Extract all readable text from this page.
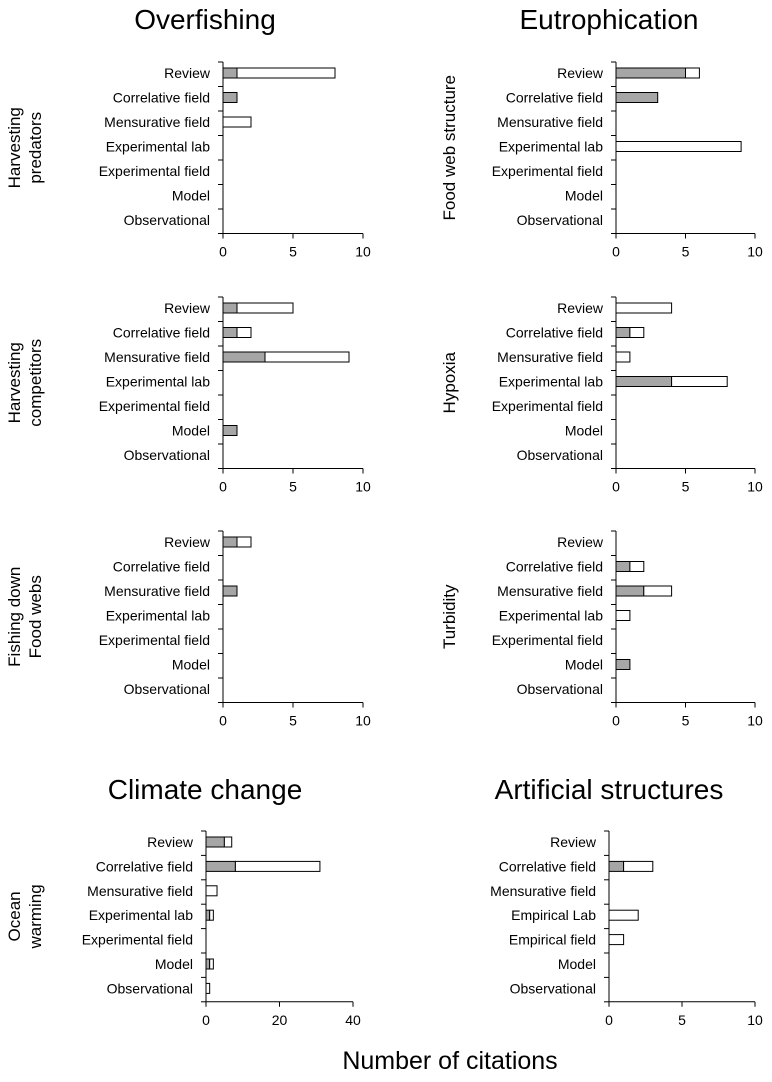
Overfishing	Eutrophication
Climate change	Artificial structures
Number of citations
Review
Correlative field
Mensurative field
Experimental lab
Experimental field
Model
Observational
0	5	10
Harvesting predators
Review
Correlative field
Mensurative field
Experimental lab
Experimental field
Model
Observational
0	5	10
Food web structure
Review
Correlative field
Mensurative field
Experimental lab
Experimental field
Model
Observational
0	5	10
Harvesting competitors
Review
Correlative field
Mensurative field
Experimental lab
Experimental field
Model
Observational
0	5	10
Hypoxia
Review
Correlative field
Mensurative field
Experimental lab
Experimental field
Model
Observational
0	5	10
Fishing down Food webs
Review
Correlative field
Mensurative field
Experimental lab
Experimental field
Model
Observational
0	5	10
Turbidity
Review
Correlative field
Mensurative field
Experimental lab
Experimental field
Model
Observational
0	20	40
Ocean warming
Review
Correlative field
Mensurative field
Empirical Lab
Empirical field
Model
Observational
0	5	10
